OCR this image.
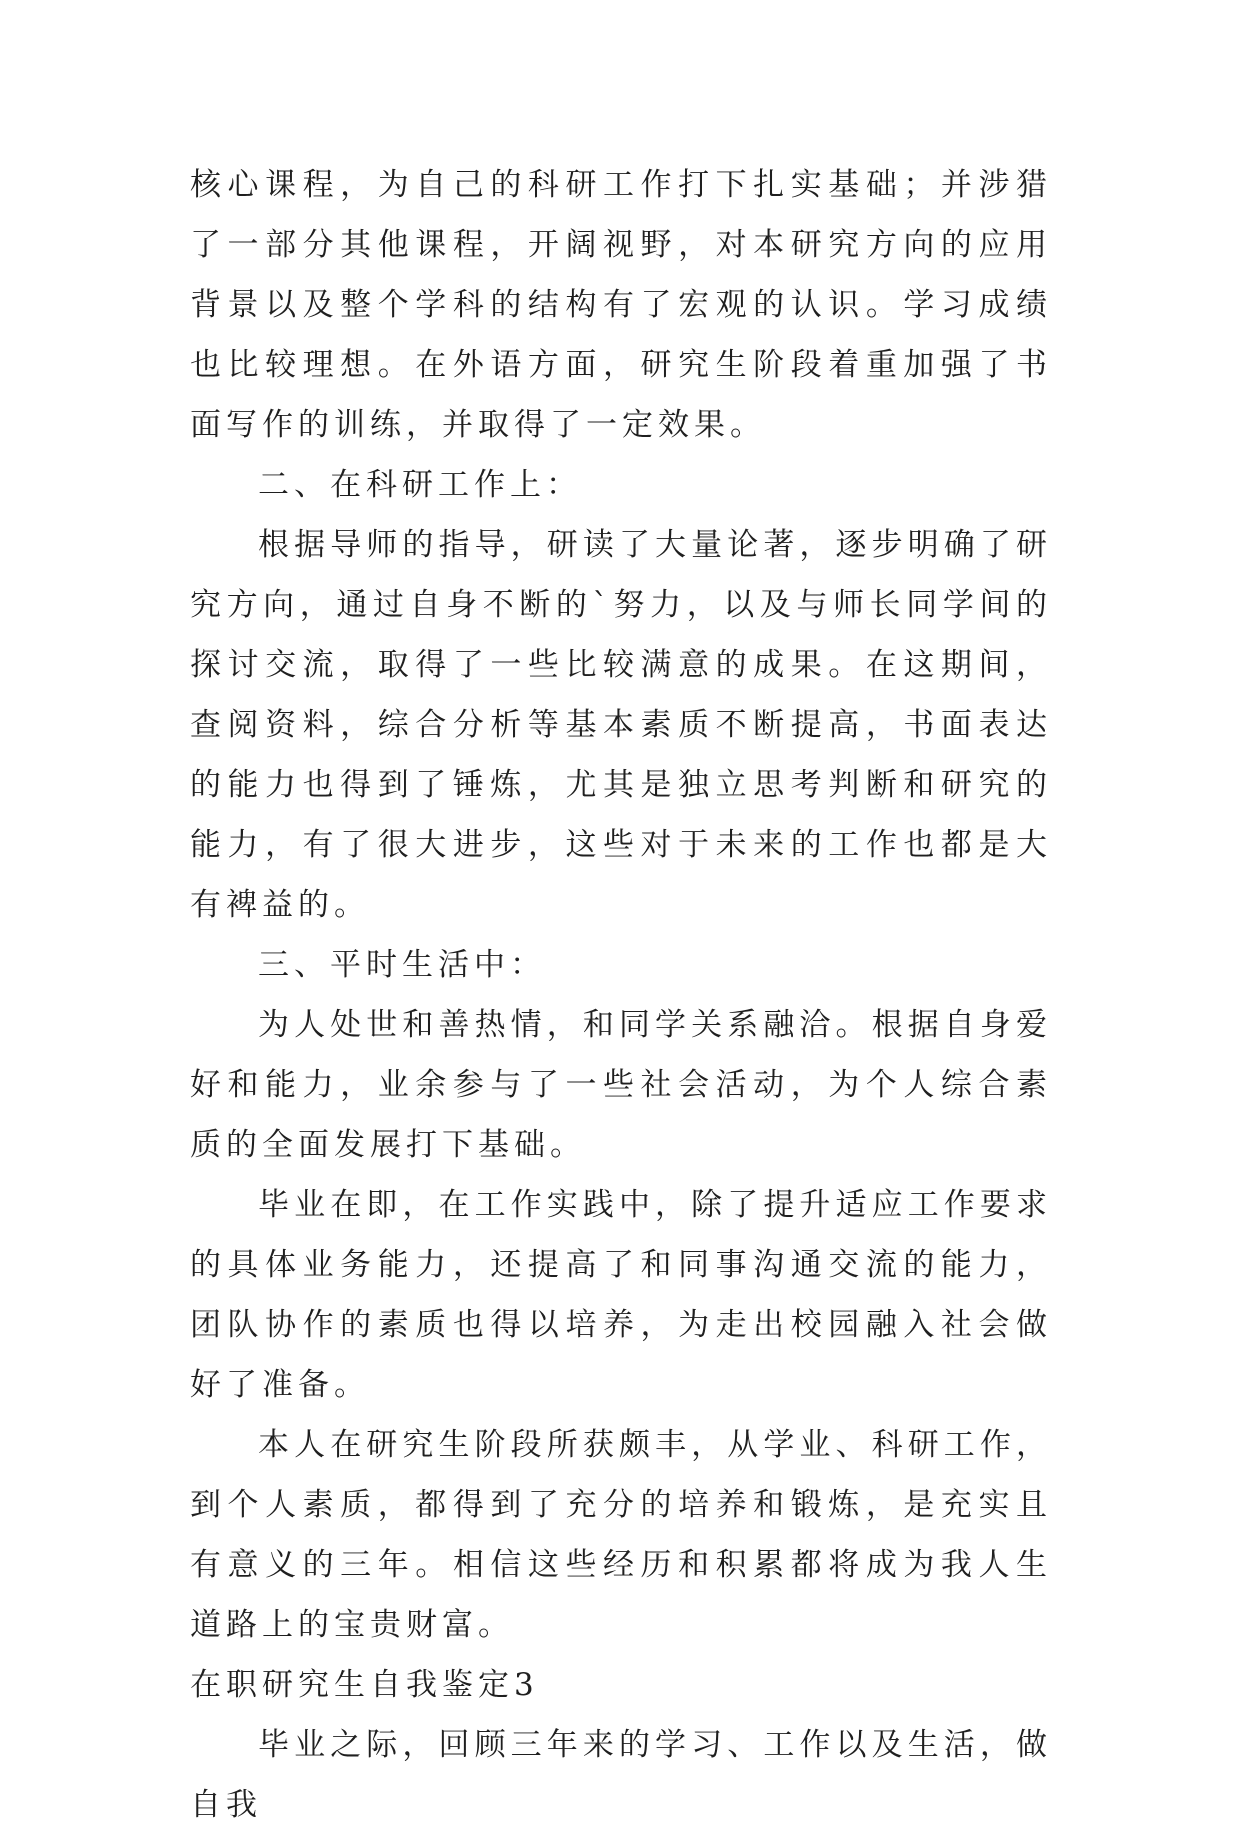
核心课程，为自己的科研工作打下扎实基础；并涉猎了一部分其他课程，开阔视野，对本研究方向的应用背景以及整个学科的结构有了宏观的认识。学习成绩也比较理想。在外语方面，研究生阶段着重加强了书面写作的训练，并取得了一定效果。

二、在科研工作上：

根据导师的指导，研读了大量论著，逐步明确了研究方向，通过自身不断的`努力，以及与师长同学间的探讨交流，取得了一些比较满意的成果。在这期间，查阅资料，综合分析等基本素质不断提高，书面表达的能力也得到了锤炼，尤其是独立思考判断和研究的能力，有了很大进步，这些对于未来的工作也都是大有裨益的。

三、平时生活中：

为人处世和善热情，和同学关系融洽。根据自身爱好和能力，业余参与了一些社会活动，为个人综合素质的全面发展打下基础。

毕业在即，在工作实践中，除了提升适应工作要求的具体业务能力，还提高了和同事沟通交流的能力，团队协作的素质也得以培养，为走出校园融入社会做好了准备。

本人在研究生阶段所获颇丰，从学业、科研工作，到个人素质，都得到了充分的培养和锻炼，是充实且有意义的三年。相信这些经历和积累都将成为我人生道路上的宝贵财富。

在职研究生自我鉴定3

毕业之际，回顾三年来的学习、工作以及生活，做自我
